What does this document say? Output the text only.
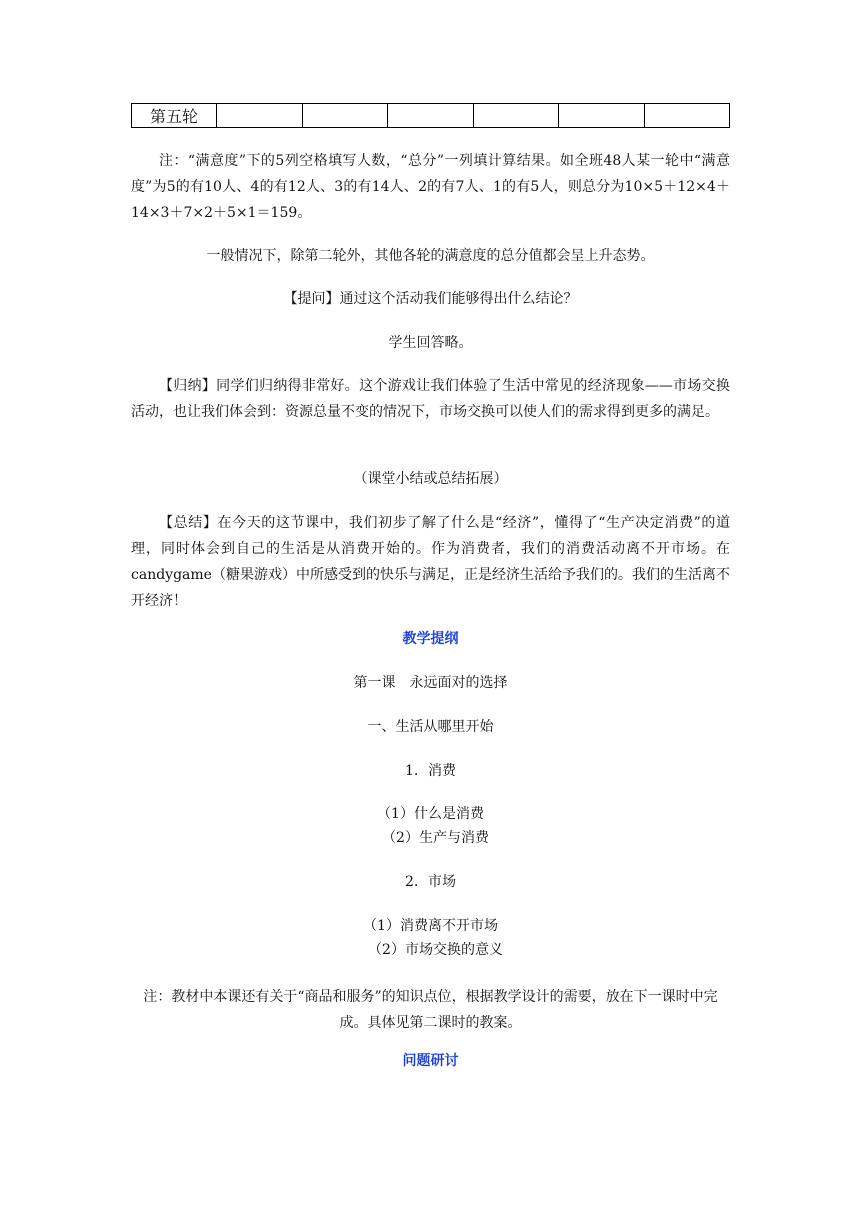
第五轮						

注：“满意度”下的5列空格填写人数，“总分”一列填计算结果。如全班48人某一轮中“满意度”为5的有10人、4的有12人、3的有14人、2的有7人、1的有5人，则总分为10×5＋12×4＋14×3＋7×2＋5×1＝159。

一般情况下，除第二轮外，其他各轮的满意度的总分值都会呈上升态势。

【提问】通过这个活动我们能够得出什么结论？

学生回答略。

【归纳】同学们归纳得非常好。这个游戏让我们体验了生活中常见的经济现象——市场交换活动，也让我们体会到：资源总量不变的情况下，市场交换可以使人们的需求得到更多的满足。

（课堂小结或总结拓展）

【总结】在今天的这节课中，我们初步了解了什么是“经济”，懂得了“生产决定消费”的道理，同时体会到自己的生活是从消费开始的。作为消费者，我们的消费活动离不开市场。在candygame（糖果游戏）中所感受到的快乐与满足，正是经济生活给予我们的。我们的生活离不开经济！

教学提纲

第一课　永远面对的选择

一、生活从哪里开始

1．消费

（1）什么是消费

（2）生产与消费

2．市场

（1）消费离不开市场

（2）市场交换的意义

注：教材中本课还有关于“商品和服务”的知识点位，根据教学设计的需要，放在下一课时中完成。具体见第二课时的教案。

问题研讨
